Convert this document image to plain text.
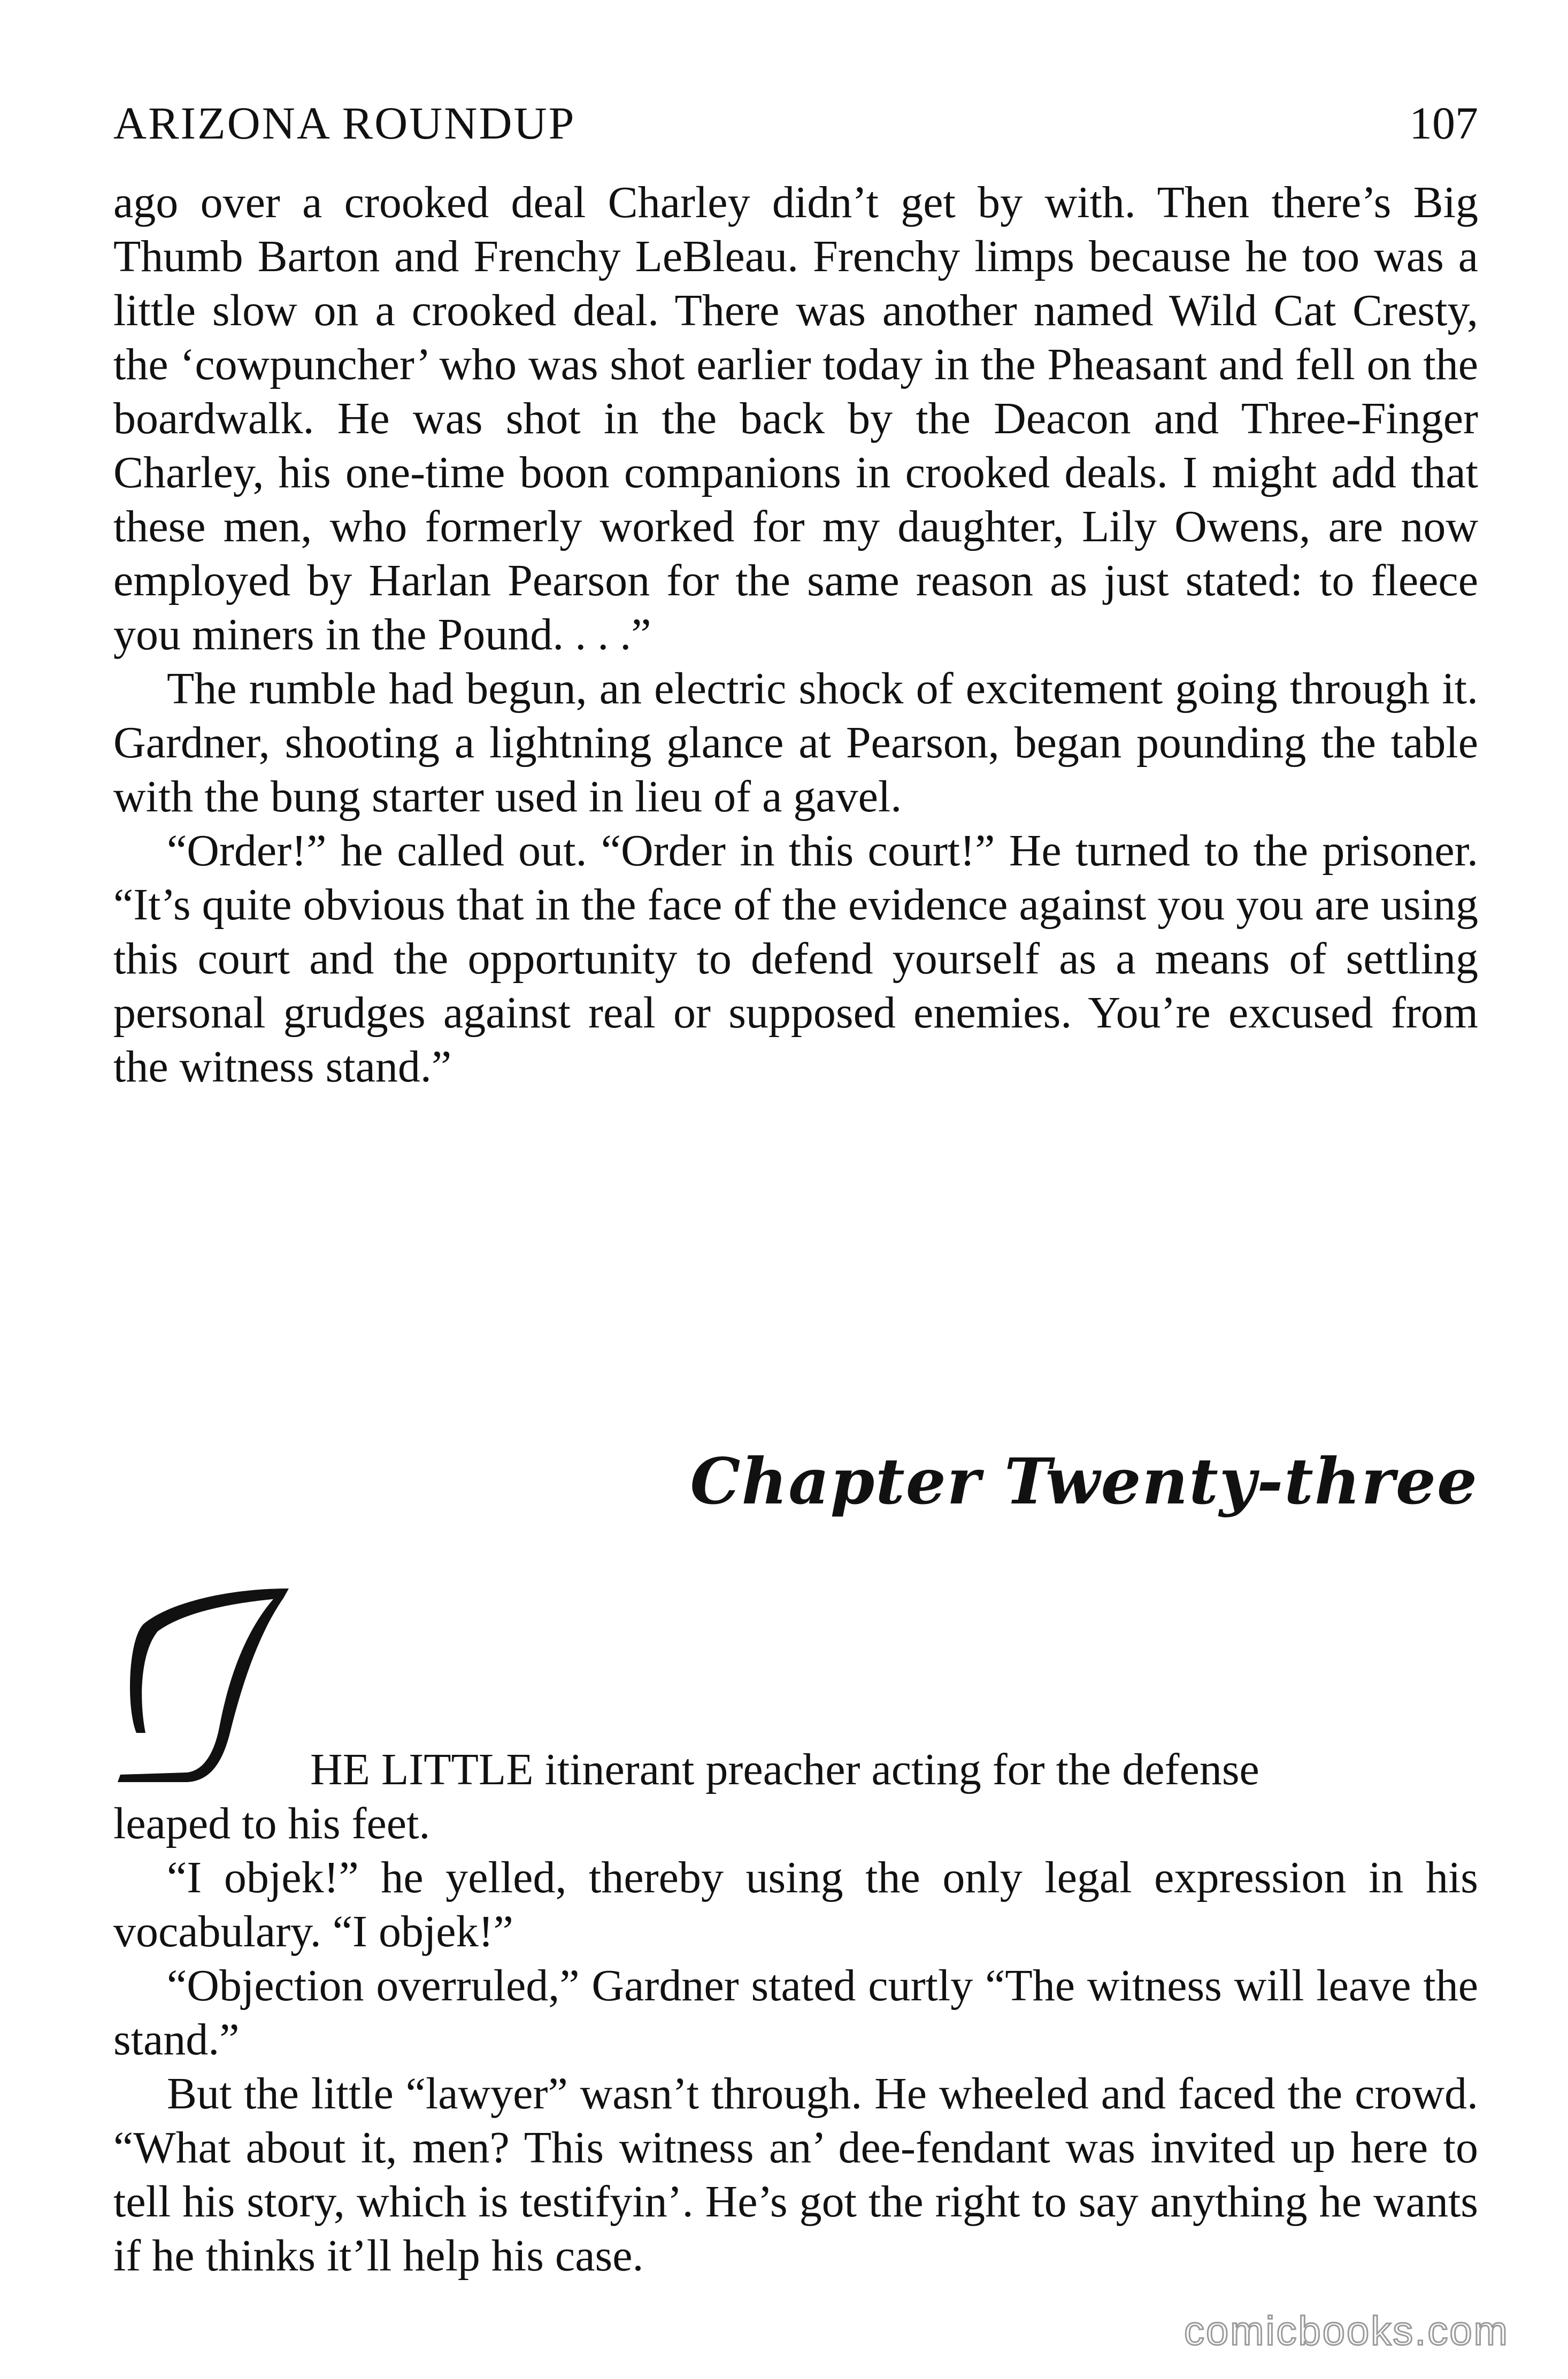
ARIZONA ROUNDUP	107

ago over a crooked deal Charley didn’t get by with. Then there’s Big Thumb Barton and Frenchy LeBleau. Frenchy limps because he too was a little slow on a crooked deal. There was another named Wild Cat Cresty, the ‘cowpuncher’ who was shot earlier today in the Pheasant and fell on the boardwalk. He was shot in the back by the Deacon and Three-Finger Charley, his one-time boon companions in crooked deals. I might add that these men, who formerly worked for my daughter, Lily Owens, are now employed by Harlan Pearson for the same reason as just stated: to fleece you miners in the Pound. . . .”

The rumble had begun, an electric shock of excitement going through it. Gardner, shooting a lightning glance at Pearson, began pounding the table with the bung starter used in lieu of a gavel.

“Order!” he called out. “Order in this court!” He turned to the prisoner. “It’s quite obvious that in the face of the evidence against you you are using this court and the opportunity to defend yourself as a means of settling personal grudges against real or supposed enemies. You’re excused from the witness stand.”

Chapter Twenty-three

HE LITTLE itinerant preacher acting for the defense

leaped to his feet.

“I objek!” he yelled, thereby using the only legal expression in his vocabulary. “I objek!”

“Objection overruled,” Gardner stated curtly “The witness will leave the stand.”

But the little “lawyer” wasn’t through. He wheeled and faced the crowd. “What about it, men? This witness an’ dee-fendant was invited up here to tell his story, which is testifyin’. He’s got the right to say anything he wants if he thinks it’ll help his case.

comicbooks.com
